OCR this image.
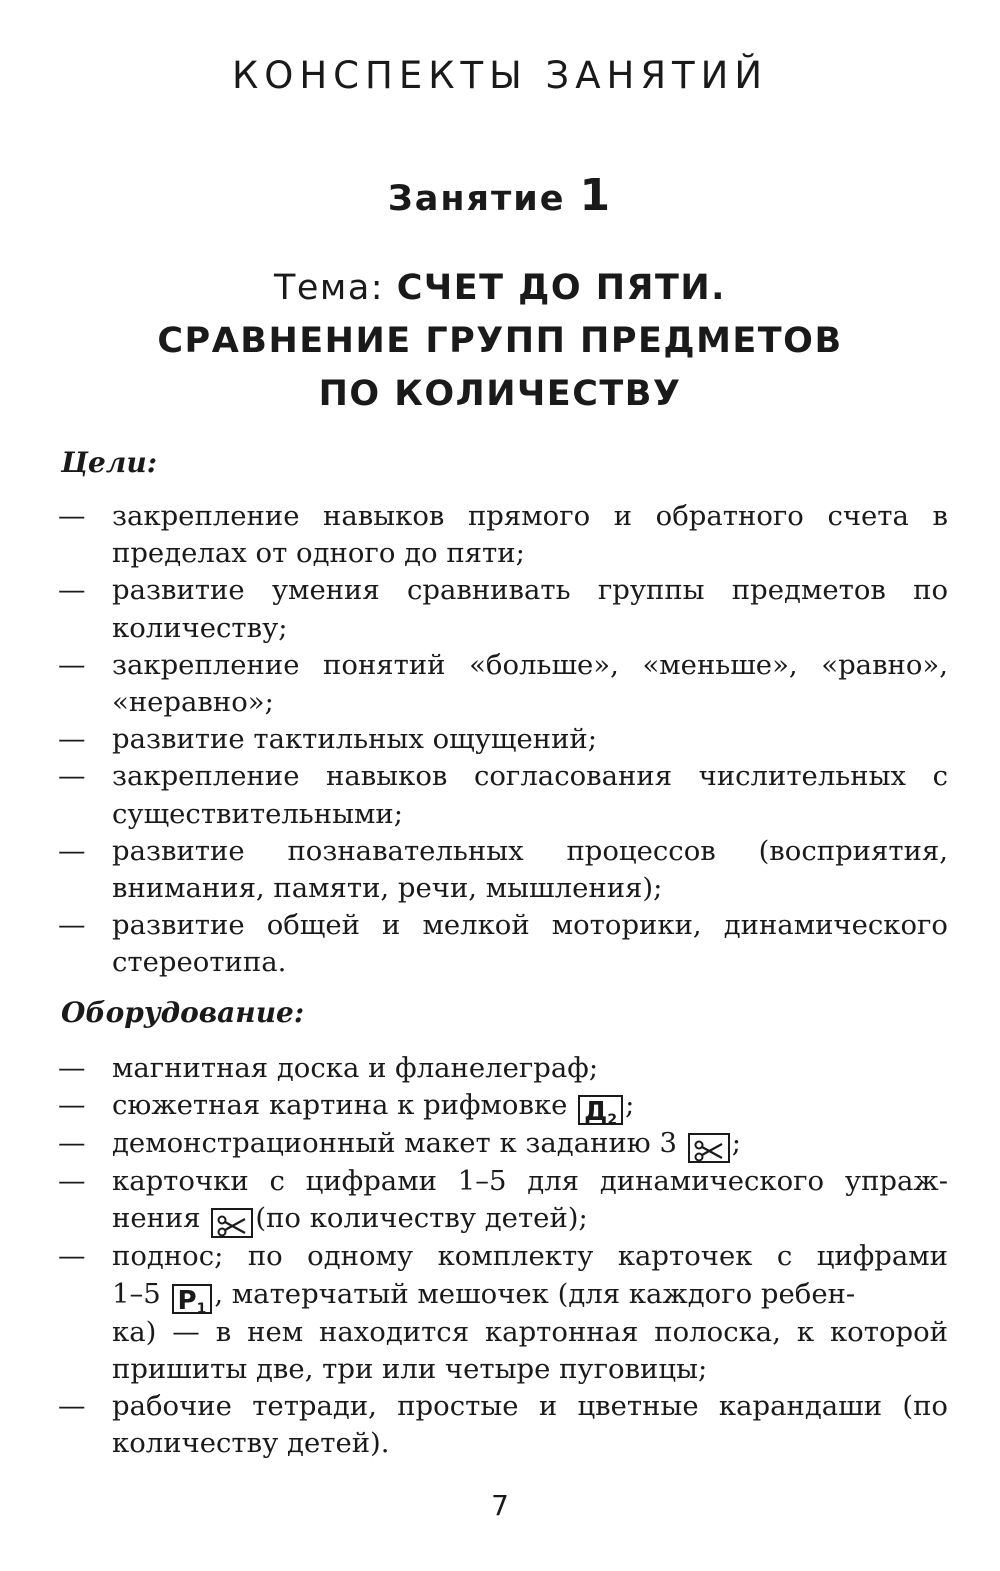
КОНСПЕКТЫ ЗАНЯТИЙ
Занятие 1
Тема: СЧЕТ ДО ПЯТИ.
СРАВНЕНИЕ ГРУПП ПРЕДМЕТОВ
ПО КОЛИЧЕСТВУ
Цели:
— закрепление навыков прямого и обратного счета в пределах от одного до пяти;
— развитие умения сравнивать группы предметов по количеству;
— закрепление понятий «больше», «меньше», «равно», «неравно»;
— развитие тактильных ощущений;
— закрепление навыков согласования числительных с существительными;
— развитие познавательных процессов (восприятия, внимания, памяти, речи, мышления);
— развитие общей и мелкой моторики, динамического стереотипа.
Оборудование:
— магнитная доска и фланелеграф;
— сюжетная картина к рифмовке $Д_2$ ;
— демонстрационный макет к заданию 3 ;
— карточки с цифрами 1–5 для динамического упраж-
нения (по количеству детей);
— поднос; по одному комплекту карточек с цифрами
1–5 $Р_1$ , матерчатый мешочек (для каждого ребен-
ка) — в нем находится картонная полоска, к которой
пришиты две, три или четыре пуговицы;
— рабочие тетради, простые и цветные карандаши (по количеству детей).
7
